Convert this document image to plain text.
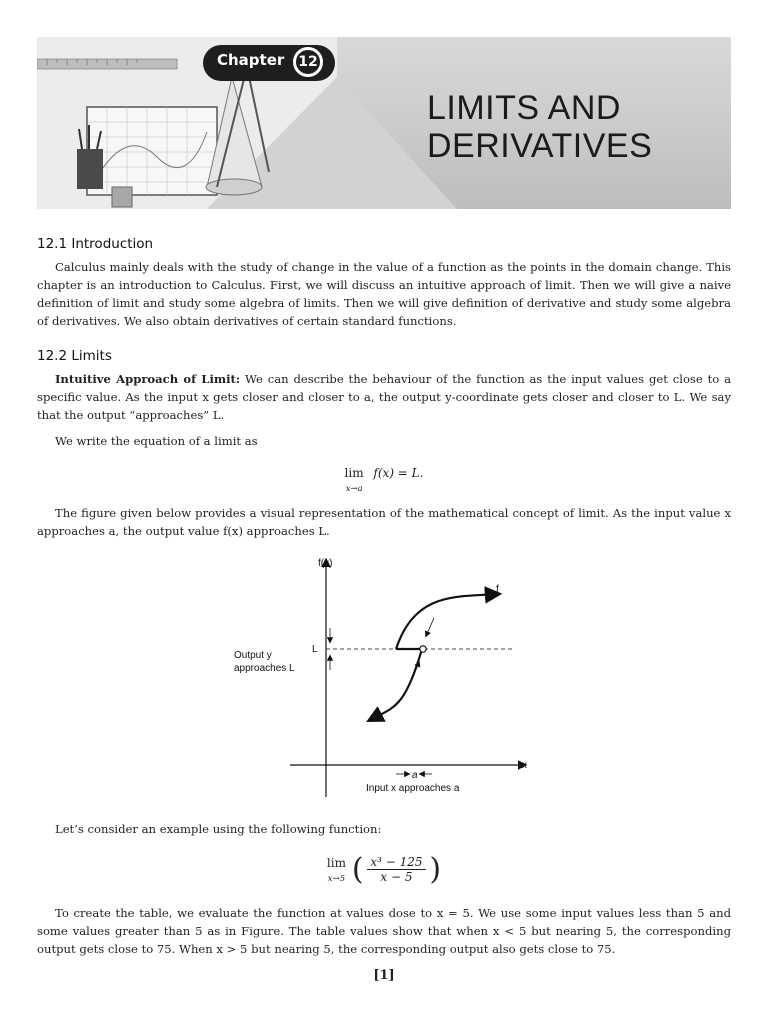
Chapter 12
LIMITS AND
DERIVATIVES
12.1 Introduction

Calculus mainly deals with the study of change in the value of a function as the points in the domain change. This chapter is an introduction to Calculus. First, we will discuss an intuitive approach of limit. Then we will give a naive definition of limit and study some algebra of limits. Then we will give definition of derivative and study some algebra of derivatives. We also obtain derivatives of certain standard functions.

12.2 Limits

Intuitive Approach of Limit: We can describe the behaviour of the function as the input values get close to a specific value. As the input x gets closer and closer to a, the output y-coordinate gets closer and closer to L. We say that the output “approaches” L.

We write the equation of a limit as

lim
x→a f(x) = L.

The figure given below provides a visual representation of the mathematical concept of limit. As the input value x approaches a, the output value f(x) approaches L.

f(x)
x
L
f
Output y
approaches L
a
Input x approaches a

Let’s consider an example using the following function:

lim
x→5 ( $\frac{\text{x³ − 125}}{x - 5}$ )

To create the table, we evaluate the function at values dose to x = 5. We use some input values less than 5 and some values greater than 5 as in Figure. The table values show that when x < 5 but nearing 5, the corresponding output gets close to 75. When x > 5 but nearing 5, the corresponding output also gets close to 75.

[1]
